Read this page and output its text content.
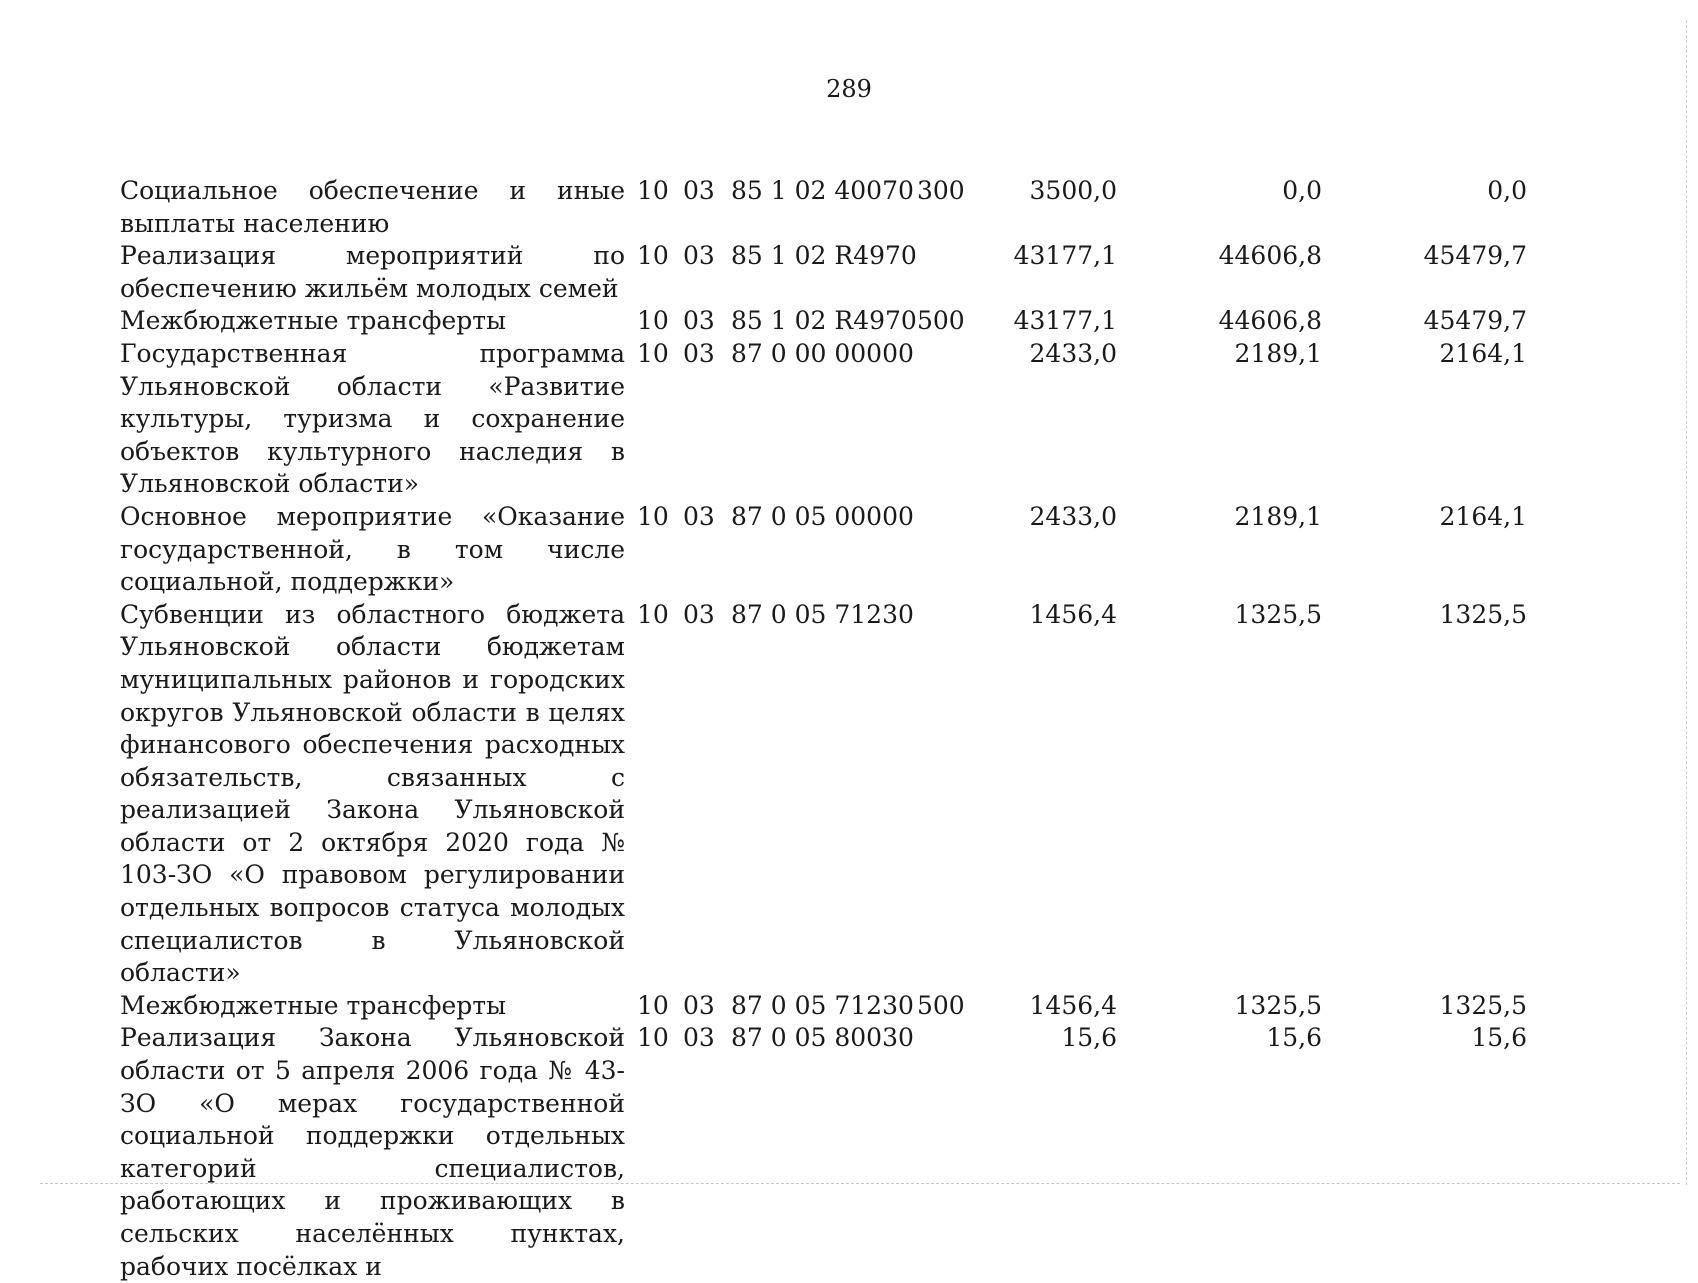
289
Социальное обеспечение и иные выплаты населению	10	03	85 1 02 40070	300	3500,0	0,0	0,0
Реализация мероприятий по обеспечению жильём молодых семей	10	03	85 1 02 R4970		43177,1	44606,8	45479,7
Межбюджетные трансферты	10	03	85 1 02 R4970	500	43177,1	44606,8	45479,7
Государственная программа Ульяновской области «Развитие культуры, туризма и сохранение объектов культурного наследия в Ульяновской области»	10	03	87 0 00 00000		2433,0	2189,1	2164,1
Основное мероприятие «Оказание государственной, в том числе социальной, поддержки»	10	03	87 0 05 00000		2433,0	2189,1	2164,1
Субвенции из областного бюджета Ульяновской области бюджетам муниципальных районов и городских округов Ульяновской области в целях финансового обеспечения расходных обязательств, связанных с реализацией Закона Ульяновской области от 2 октября 2020 года № 103-ЗО «О правовом регулировании отдельных вопросов статуса молодых специалистов в Ульяновской области»	10	03	87 0 05 71230		1456,4	1325,5	1325,5
Межбюджетные трансферты	10	03	87 0 05 71230	500	1456,4	1325,5	1325,5
Реализация Закона Ульяновской области от 5 апреля 2006 года № 43-ЗО «О мерах государственной социальной поддержки отдельных категорий специалистов, работающих и проживающих в сельских населённых пунктах, рабочих посёлках и	10	03	87 0 05 80030		15,6	15,6	15,6
